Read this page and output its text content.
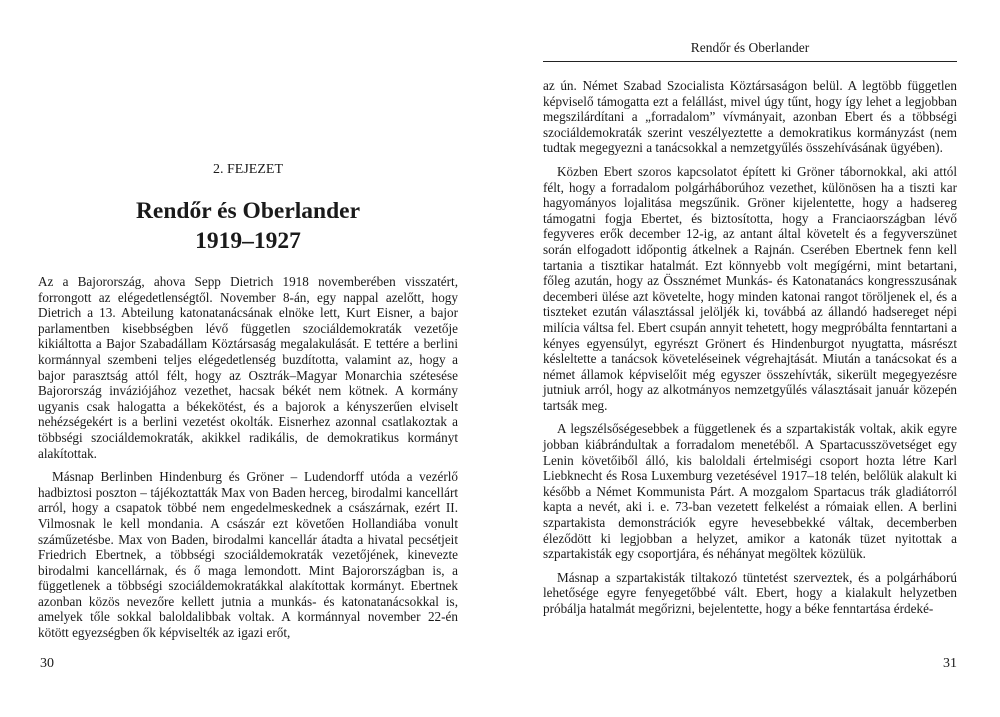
2. FEJEZET
Rendőr és Oberlander
1919–1927

Az a Bajorország, ahova Sepp Dietrich 1918 novemberében visszatért, forrongott az elégedetlenségtől. November 8-án, egy nappal azelőtt, hogy Dietrich a 13. Abteilung katonatanácsának elnöke lett, Kurt Eisner, a bajor parlamentben kisebbségben lévő független szociáldemokraták vezetője kikiáltotta a Bajor Szabadállam Köztársaság megalakulását. E tettére a berlini kormánnyal szembeni teljes elégedetlenség buzdította, valamint az, hogy a bajor parasztság attól félt, hogy az Osztrák–Magyar Monarchia szétesése Bajorország inváziójához vezethet, hacsak békét nem kötnek. A kormány ugyanis csak halogatta a békekötést, és a bajorok a kényszerűen elviselt nehézségekért is a berlini vezetést okolták. Eisnerhez azonnal csatlakoztak a többségi szociáldemokraták, akikkel radikális, de demokratikus kormányt alakítottak.

Másnap Berlinben Hindenburg és Gröner – Ludendorff utóda a vezérlő hadbiztosi poszton – tájékoztatták Max von Baden herceg, birodalmi kancellárt arról, hogy a csapatok többé nem engedelmeskednek a császárnak, ezért II. Vilmosnak le kell mondania. A császár ezt követően Hollandiába vonult száműzetésbe. Max von Baden, birodalmi kancellár átadta a hivatal pecsétjeit Friedrich Ebertnek, a többségi szociáldemokraták vezetőjének, kinevezte birodalmi kancellárnak, és ő maga lemondott. Mint Bajorországban is, a függetlenek a többségi szociáldemokratákkal alakítottak kormányt. Ebertnek azonban közös nevezőre kellett jutnia a munkás- és katonatanácsokkal is, amelyek tőle sokkal baloldalibbak voltak. A kormánnyal november 22-én kötött egyezségben ők képviselték az igazi erőt,

30
Rendőr és Oberlander

az ún. Német Szabad Szocialista Köztársaságon belül. A legtöbb független képviselő támogatta ezt a felállást, mivel úgy tűnt, hogy így lehet a legjobban megszilárdítani a „forradalom” vívmányait, azonban Ebert és a többségi szociáldemokraták szerint veszélyeztette a demokratikus kormányzást (nem tudtak megegyezni a tanácsokkal a nemzetgyűlés összehívásának ügyében).

Közben Ebert szoros kapcsolatot épített ki Gröner tábornokkal, aki attól félt, hogy a forradalom polgárháborúhoz vezethet, különösen ha a tiszti kar hagyományos lojalitása megszűnik. Gröner kijelentette, hogy a hadsereg támogatni fogja Ebertet, és biztosította, hogy a Franciaországban lévő fegyveres erők december 12-ig, az antant által követelt és a fegyverszünet során elfogadott időpontig átkelnek a Rajnán. Cserében Ebertnek fenn kell tartania a tisztikar hatalmát. Ezt könnyebb volt megígérni, mint betartani, főleg azután, hogy az Össznémet Munkás- és Katonatanács kongresszusának decemberi ülése azt követelte, hogy minden katonai rangot töröljenek el, és a tiszteket ezután választással jelöljék ki, továbbá az állandó hadsereget népi milícia váltsa fel. Ebert csupán annyit tehetett, hogy megpróbálta fenntartani a kényes egyensúlyt, egyrészt Grönert és Hindenburgot nyugtatta, másrészt késleltette a tanácsok követeléseinek végrehajtását. Miután a tanácsokat és a német államok képviselőit még egyszer összehívták, sikerült megegyezésre jutniuk arról, hogy az alkotmányos nemzetgyűlés választásait január közepén tartsák meg.

A legszélsőségesebbek a függetlenek és a szpartakisták voltak, akik egyre jobban kiábrándultak a forradalom menetéből. A Spartacusszövetséget egy Lenin követőiből álló, kis baloldali értelmiségi csoport hozta létre Karl Liebknecht és Rosa Luxemburg vezetésével 1917–18 telén, belőlük alakult ki később a Német Kommunista Párt. A mozgalom Spartacus trák gladiátorról kapta a nevét, aki i. e. 73-ban vezetett felkelést a rómaiak ellen. A berlini szpartakista demonstrációk egyre hevesebbekké váltak, decemberben éleződött ki legjobban a helyzet, amikor a katonák tüzet nyitottak a szpartakisták egy csoportjára, és néhányat megöltek közülük.

Másnap a szpartakisták tiltakozó tüntetést szerveztek, és a polgárháború lehetősége egyre fenyegetőbbé vált. Ebert, hogy a kialakult helyzetben próbálja hatalmát megőrizni, bejelentette, hogy a béke fenntartása érdeké-

31
